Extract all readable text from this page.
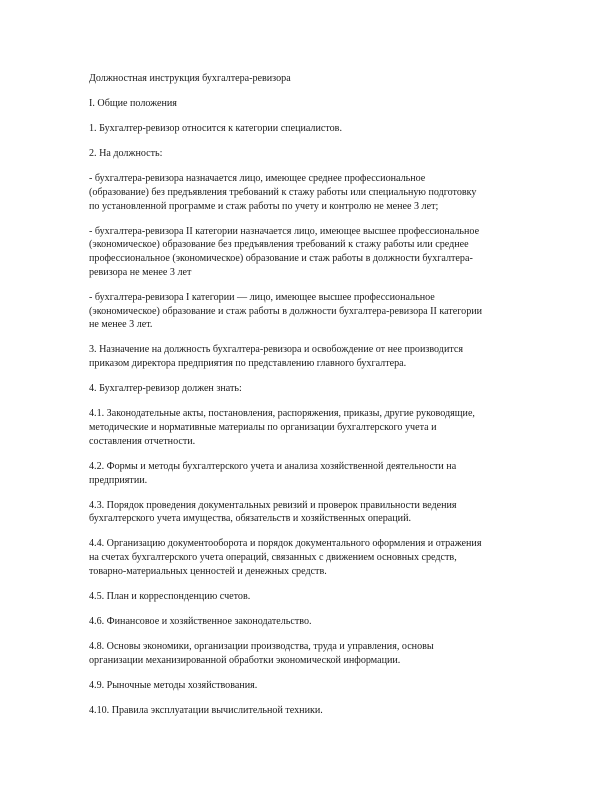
Должностная инструкция бухгалтера-ревизора

I. Общие положения

1. Бухгалтер-ревизор относится к категории специалистов.

2. На должность:

- бухгалтера-ревизора назначается лицо, имеющее среднее профессиональное
(образование) без предъявления требований к стажу работы или специальную подготовку
по установленной программе и стаж работы по учету и контролю не менее 3 лет;

- бухгалтера-ревизора II категории назначается лицо, имеющее высшее профессиональное
(экономическое) образование без предъявления требований к стажу работы или среднее
профессиональное (экономическое) образование и стаж работы в должности бухгалтера-
ревизора не менее 3 лет

- бухгалтера-ревизора I категории — лицо, имеющее высшее профессиональное
(экономическое) образование и стаж работы в должности бухгалтера-ревизора II категории
не менее 3 лет.

3. Назначение на должность бухгалтера-ревизора и освобождение от нее производится
приказом директора предприятия по представлению главного бухгалтера.

4. Бухгалтер-ревизор должен знать:

4.1. Законодательные акты, постановления, распоряжения, приказы, другие руководящие,
методические и нормативные материалы по организации бухгалтерского учета и
составления отчетности.

4.2. Формы и методы бухгалтерского учета и анализа хозяйственной деятельности на
предприятии.

4.3. Порядок проведения документальных ревизий и проверок правильности ведения
бухгалтерского учета имущества, обязательств и хозяйственных операций.

4.4. Организацию документооборота и порядок документального оформления и отражения
на счетах бухгалтерского учета операций, связанных с движением основных средств,
товарно-материальных ценностей и денежных средств.

4.5. План и корреспонденцию счетов.

4.6. Финансовое и хозяйственное законодательство.

4.8. Основы экономики, организации производства, труда и управления, основы
организации механизированной обработки экономической информации.

4.9. Рыночные методы хозяйствования.

4.10. Правила эксплуатации вычислительной техники.
